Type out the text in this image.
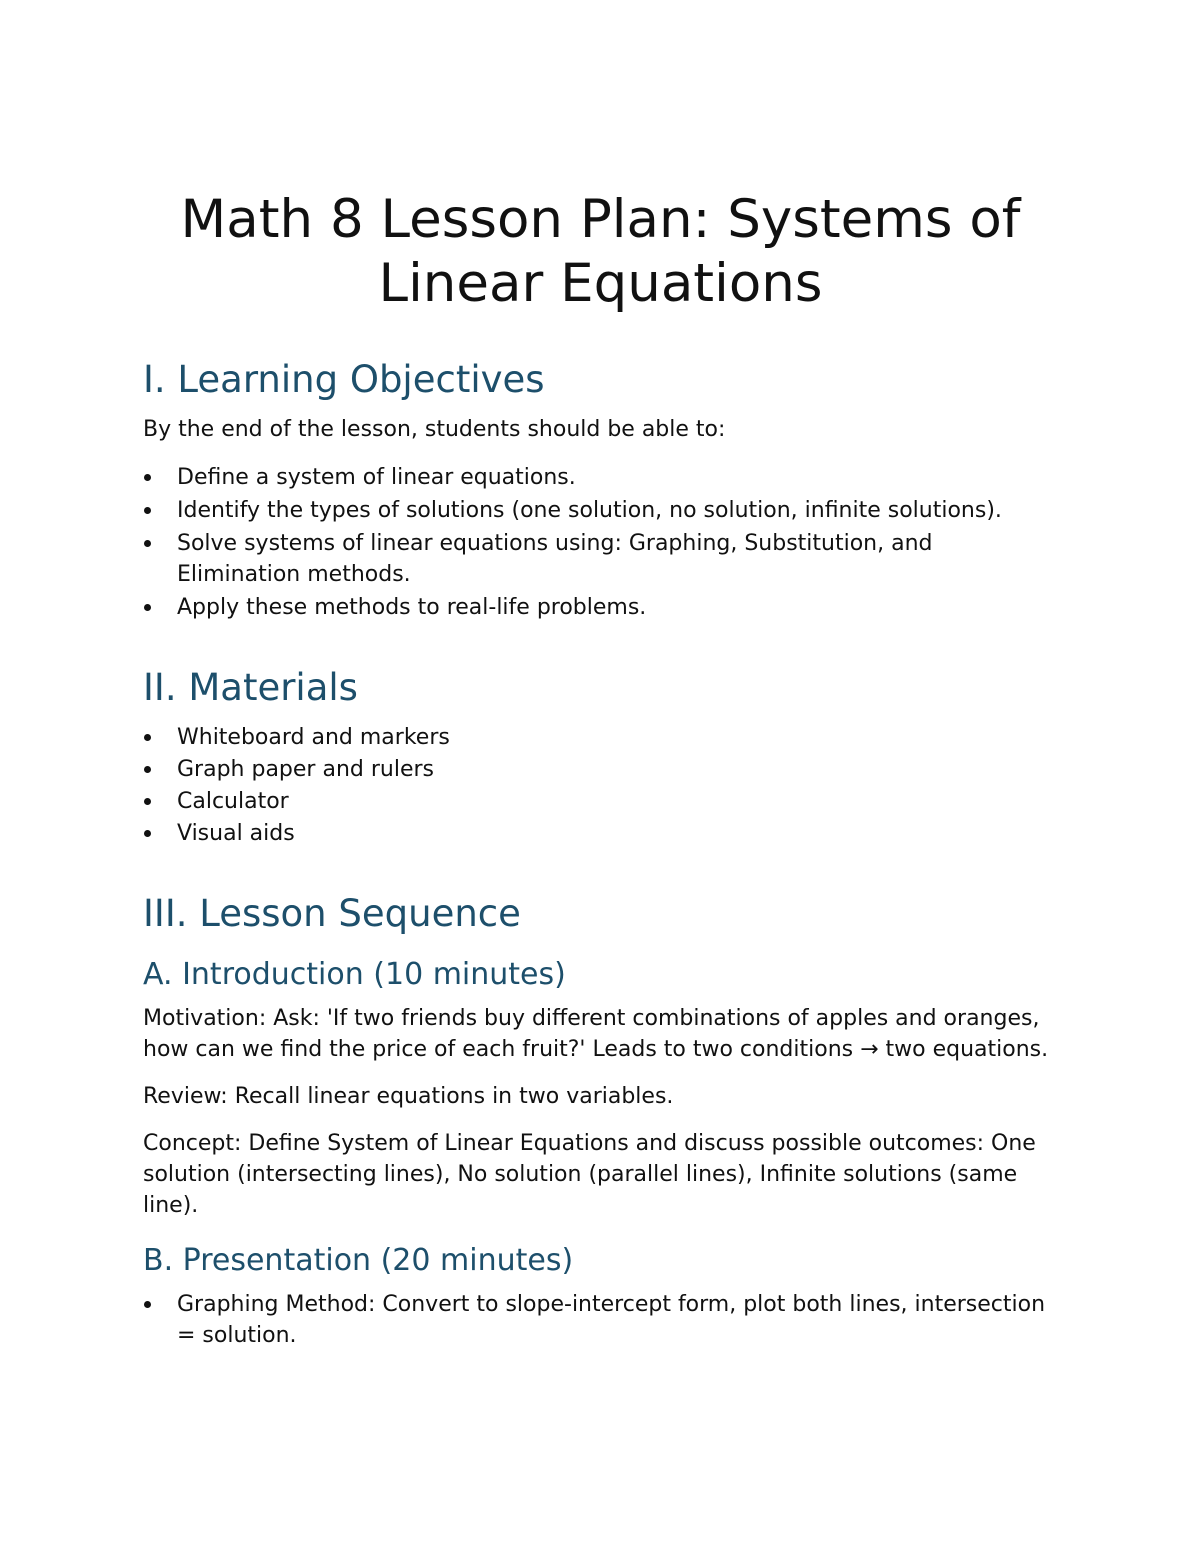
Math 8 Lesson Plan: Systems of Linear Equations
I. Learning Objectives

By the end of the lesson, students should be able to:

Define a system of linear equations.
Identify the types of solutions (one solution, no solution, infinite solutions).
Solve systems of linear equations using: Graphing, Substitution, and Elimination methods.
Apply these methods to real-life problems.
II. Materials
Whiteboard and markers
Graph paper and rulers
Calculator
Visual aids
III. Lesson Sequence
A. Introduction (10 minutes)

Motivation: Ask: 'If two friends buy different combinations of apples and oranges, how can we find the price of each fruit?' Leads to two conditions → two equations.

Review: Recall linear equations in two variables.

Concept: Define System of Linear Equations and discuss possible outcomes: One solution (intersecting lines), No solution (parallel lines), Infinite solutions (same line).

B. Presentation (20 minutes)
Graphing Method: Convert to slope-intercept form, plot both lines, intersection = solution.
